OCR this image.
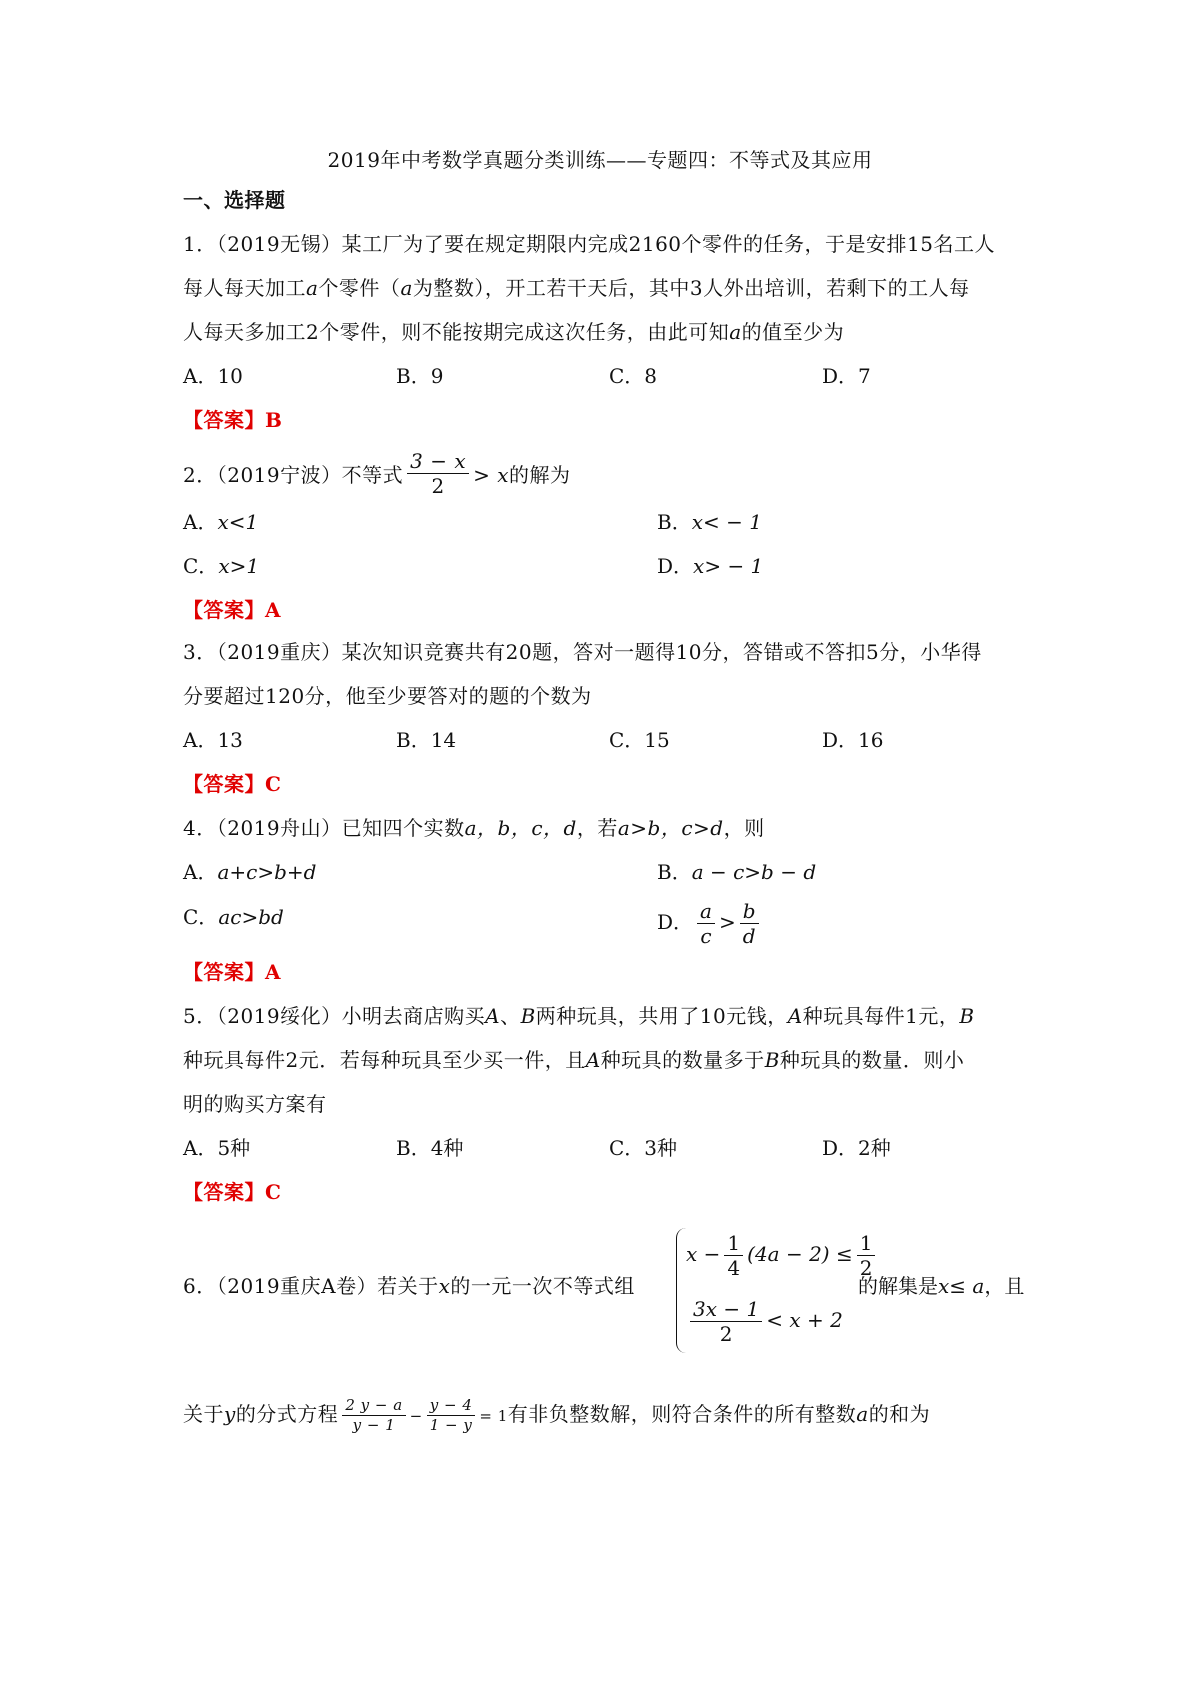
2019年中考数学真题分类训练——专题四：不等式及其应用
一、选择题
1．（2019无锡）某工厂为了要在规定期限内完成2160个零件的任务，于是安排15名工人
每人每天加工a个零件（a为整数），开工若干天后，其中3人外出培训，若剩下的工人每
人每天多加工2个零件，则不能按期完成这次任务，由此可知a的值至少为
A．10	B．9	C．8	D．7
【答案】B
2．（2019宁波）不等式 $\frac{3 - x}{2} > x$的解为
A．x<1	B．x< − 1
C．x>1	D．x> − 1
【答案】A
3．（2019重庆）某次知识竞赛共有20题，答对一题得10分，答错或不答扣5分，小华得
分要超过120分，他至少要答对的题的个数为
A．13	B．14	C．15	D．16
【答案】C
4．（2019舟山）已知四个实数a，b，c，d，若a>b，c>d，则
A．a+c>b+d	B．a − c>b − d
C．ac>bd	D． $\frac{a}{c} > \frac{b}{d}$
【答案】A
5．（2019绥化）小明去商店购买A、B两种玩具，共用了10元钱，A种玩具每件1元，B
种玩具每件2元．若每种玩具至少买一件，且A种玩具的数量多于B种玩具的数量．则小
明的购买方案有
A．5种	B．4种	C．3种	D．2种
【答案】C
6．（2019重庆A卷）若关于x的一元一次不等式组
$x - \frac{1}{4} (4a - 2) \le \frac{1}{2}$
$\frac{3x - 1}{2} < x + 2$
的解集是x≤ a，且
关于y的分式方程 $\frac{2 y - a}{y - 1} - \frac{y - 4}{1 - y} = 1$有非负整数解，则符合条件的所有整数a的和为
